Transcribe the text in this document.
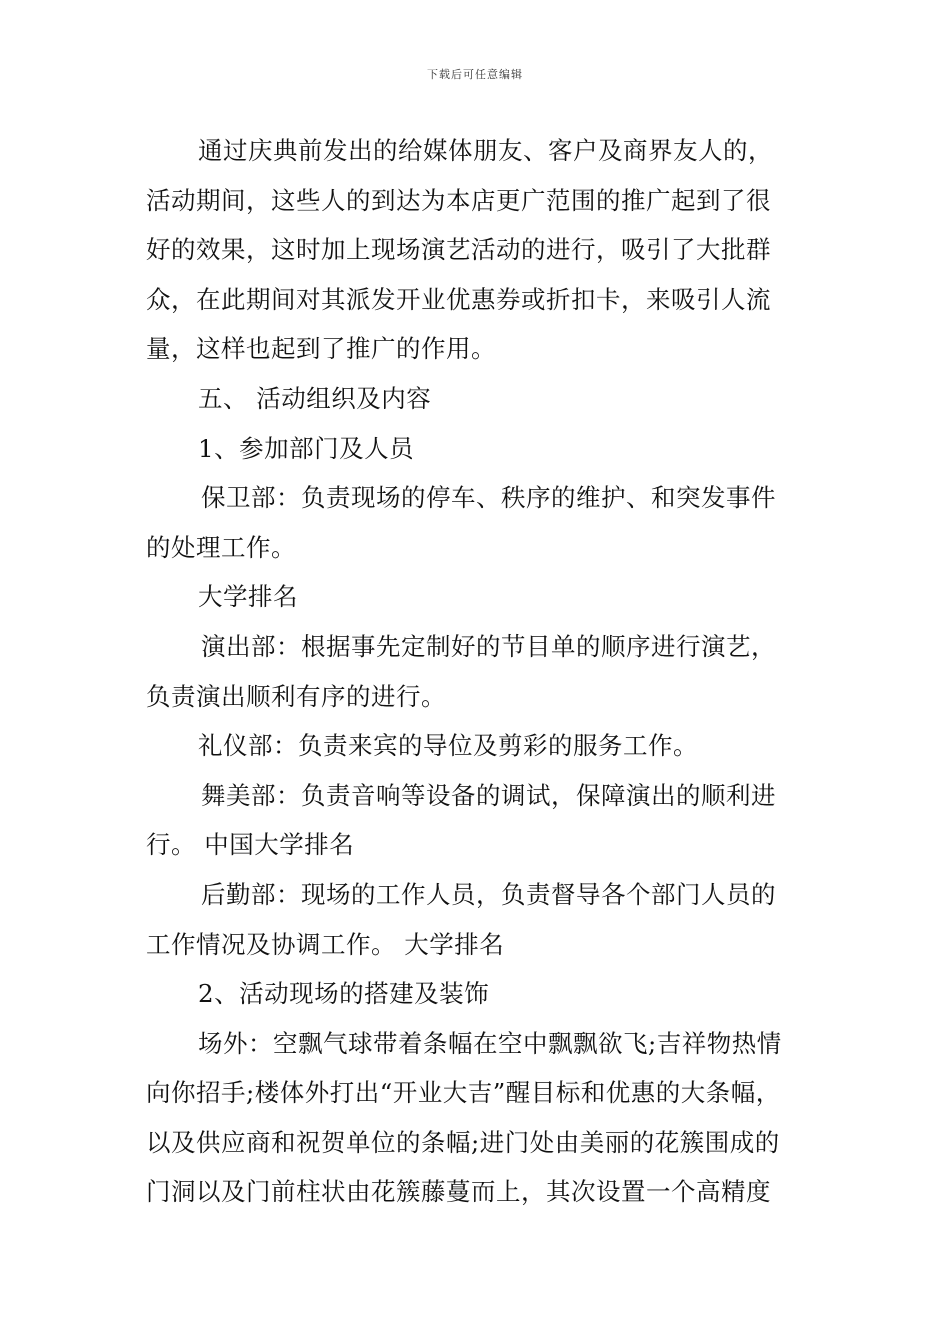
下载后可任意编辑
通过庆典前发出的给媒体朋友、客户及商界友人的，
活动期间，这些人的到达为本店更广范围的推广起到了很
好的效果，这时加上现场演艺活动的进行，吸引了大批群
众，在此期间对其派发开业优惠券或折扣卡，来吸引人流
量，这样也起到了推广的作用。
五、 活动组织及内容
1、参加部门及人员
保卫部：负责现场的停车、秩序的维护、和突发事件
的处理工作。
大学排名
演出部：根据事先定制好的节目单的顺序进行演艺，
负责演出顺利有序的进行。
礼仪部：负责来宾的导位及剪彩的服务工作。
舞美部：负责音响等设备的调试，保障演出的顺利进
行。 中国大学排名
后勤部：现场的工作人员，负责督导各个部门人员的
工作情况及协调工作。 大学排名
2、活动现场的搭建及装饰
场外：空飘气球带着条幅在空中飘飘欲飞;吉祥物热情
向你招手;楼体外打出“开业大吉”醒目标和优惠的大条幅，
以及供应商和祝贺单位的条幅;进门处由美丽的花簇围成的
门洞以及门前柱状由花簇藤蔓而上，其次设置一个高精度
